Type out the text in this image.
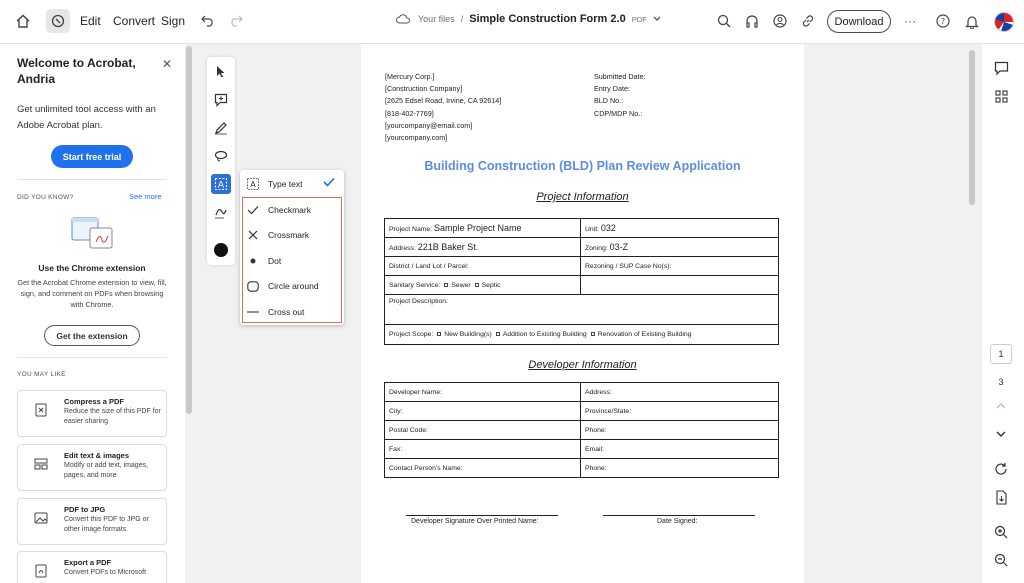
Edit Convert Sign	Your files / Simple Construction Form 2.0 PDF	Download	···	?
Welcome to Acrobat, Andria
✕
Get unlimited tool access with an Adobe Acrobat plan.
Start free trial
DID YOU KNOW?	See more
Use the Chrome extension
Get the Acrobat Chrome extension to view, fill, sign, and comment on PDFs when browsing with Chrome.
Get the extension
YOU MAY LIKE
Compress a PDF
Reduce the size of this PDF for easier sharing
Edit text & images
Modify or add text, images, pages, and more
PDF to JPG
Convert this PDF to JPG or other image formats
Export a PDF
Convert PDFs to Microsoft
A	A Type text
Checkmark
Crossmark
Dot
Circle around
Cross out
[Mercury Corp.]
[Construction Company]
[2625 Edsel Road, Irvine, CA 92614]
[818-402-7769]
[yourcompany@email.com]
[yourcompany.com]
Submitted Date:
Entry Date:
BLD No.:
CDP/MDP No.:
Building Construction (BLD) Plan Review Application
Project Information
Project Name: Sample Project Name	Unit: 032
Address: 221B Baker St.	Zoning: 03-Z
District / Land Lot / Parcel:	Rezoning / SUP Case No(s):
Sanitary Service: Sewer Septic	
Project Description:	
Project Scope: New Building(s) Addition to Existing Building Renovation of Existing Building	
Developer Information
Developer Name:	Address:
City:	Province/State:
Postal Code:	Phone:
Fax:	Email:
Contact Person’s Name:	Phone:
Developer Signature Over Printed Name:	Date Signed:
1
3
